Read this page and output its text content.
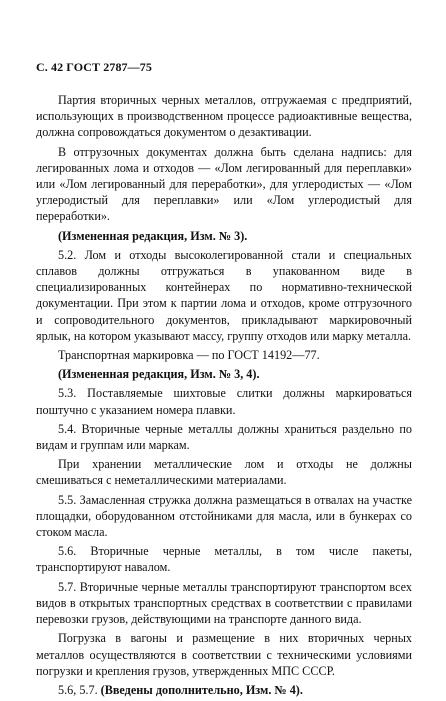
С. 42 ГОСТ 2787—75

Партия вторичных черных металлов, отгружаемая с предприятий, использующих в производственном процессе радиоактивные вещества, должна сопровождаться документом о дезактивации.

В отгрузочных документах должна быть сделана надпись: для легированных лома и отходов — «Лом легированный для переплавки» или «Лом легированный для переработки», для углеродистых — «Лом углеродистый для переплавки» или «Лом углеродистый для переработки».

(Измененная редакция, Изм. № 3).

5.2. Лом и отходы высоколегированной стали и специальных сплавов должны отгружаться в упакованном виде в специализированных контейнерах по нормативно-технической документации. При этом к партии лома и отходов, кроме отгрузочного и сопроводительного документов, прикладывают маркировочный ярлык, на котором указывают массу, группу отходов или марку металла.

Транспортная маркировка — по ГОСТ 14192—77.

(Измененная редакция, Изм. № 3, 4).

5.3. Поставляемые шихтовые слитки должны маркироваться поштучно с указанием номера плавки.

5.4. Вторичные черные металлы должны храниться раздельно по видам и группам или маркам.

При хранении металлические лом и отходы не должны смешиваться с неметаллическими материалами.

5.5. Замасленная стружка должна размещаться в отвалах на участке площадки, оборудованном отстойниками для масла, или в бункерах со стоком масла.

5.6. Вторичные черные металлы, в том числе пакеты, транспортируют навалом.

5.7. Вторичные черные металлы транспортируют транспортом всех видов в открытых транспортных средствах в соответствии с правилами перевозки грузов, действующими на транспорте данного вида.

Погрузка в вагоны и размещение в них вторичных черных металлов осуществляются в соответствии с техническими условиями погрузки и крепления грузов, утвержденных МПС СССР.

5.6, 5.7. (Введены дополнительно, Изм. № 4).
